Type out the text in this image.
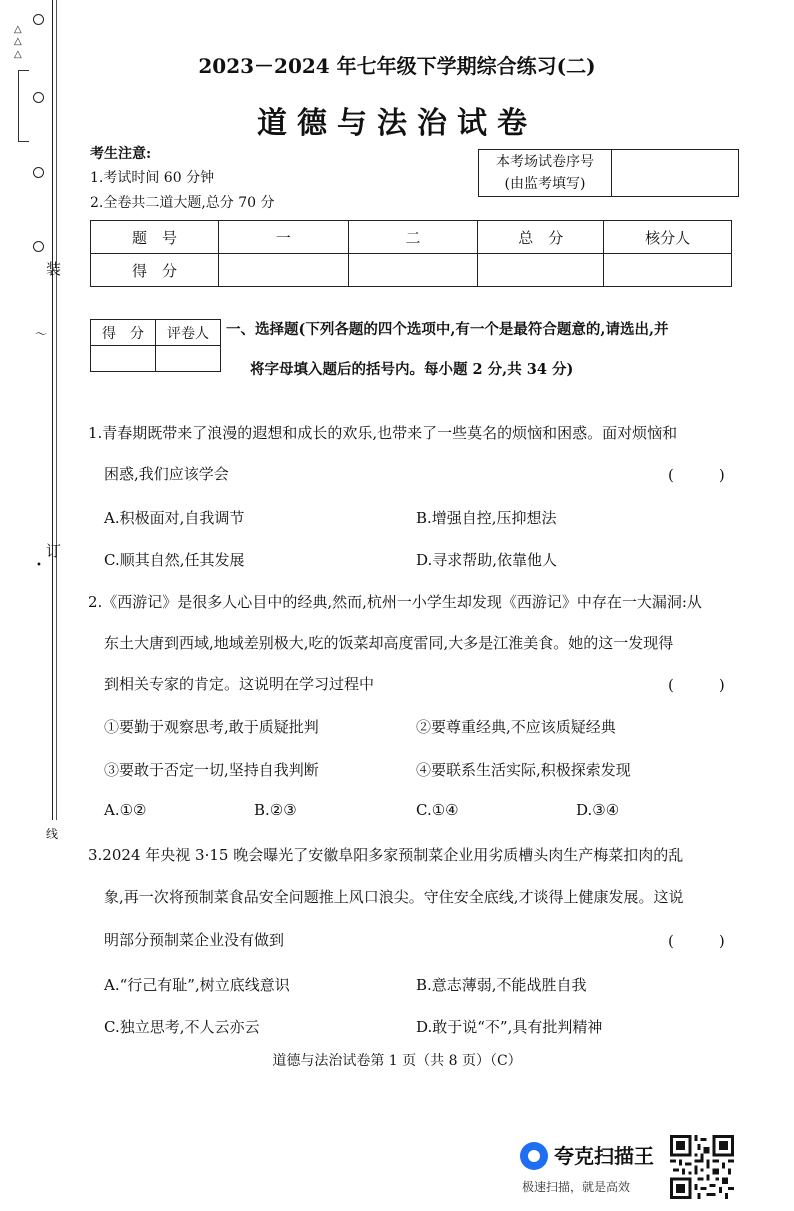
△
△
△
装
订
线
〜
•
2023－2024 年七年级下学期综合练习(二)
道德与法治试卷
考生注意:
1.考试时间 60 分钟
2.全卷共二道大题,总分 70 分
本考场试卷序号
(由监考填写)

题　号	一	二	总　分	核分人
得　分				
得　分	评卷人
	一、选择题(下列各题的四个选项中,有一个是最符合题意的,请选出,并
将字母填入题后的括号内。每小题 2 分,共 34 分)
1.青春期既带来了浪漫的遐想和成长的欢乐,也带来了一些莫名的烦恼和困惑。面对烦恼和
困惑,我们应该学会	(　　　)
A.积极面对,自我调节	B.增强自控,压抑想法
C.顺其自然,任其发展	D.寻求帮助,依靠他人
2.《西游记》是很多人心目中的经典,然而,杭州一小学生却发现《西游记》中存在一大漏洞:从
东土大唐到西域,地域差别极大,吃的饭菜却高度雷同,大多是江淮美食。她的这一发现得
到相关专家的肯定。这说明在学习过程中	(　　　)
①要勤于观察思考,敢于质疑批判	②要尊重经典,不应该质疑经典
③要敢于否定一切,坚持自我判断	④要联系生活实际,积极探索发现
A.①②	B.②③	C.①④	D.③④
3.2024 年央视 3·15 晚会曝光了安徽阜阳多家预制菜企业用劣质槽头肉生产梅菜扣肉的乱
象,再一次将预制菜食品安全问题推上风口浪尖。守住安全底线,才谈得上健康发展。这说
明部分预制菜企业没有做到	(　　　)
A.“行己有耻”,树立底线意识	B.意志薄弱,不能战胜自我
C.独立思考,不人云亦云	D.敢于说“不”,具有批判精神
道德与法治试卷第 1 页（共 8 页）（C）
夸克扫描王
极速扫描，就是高效
